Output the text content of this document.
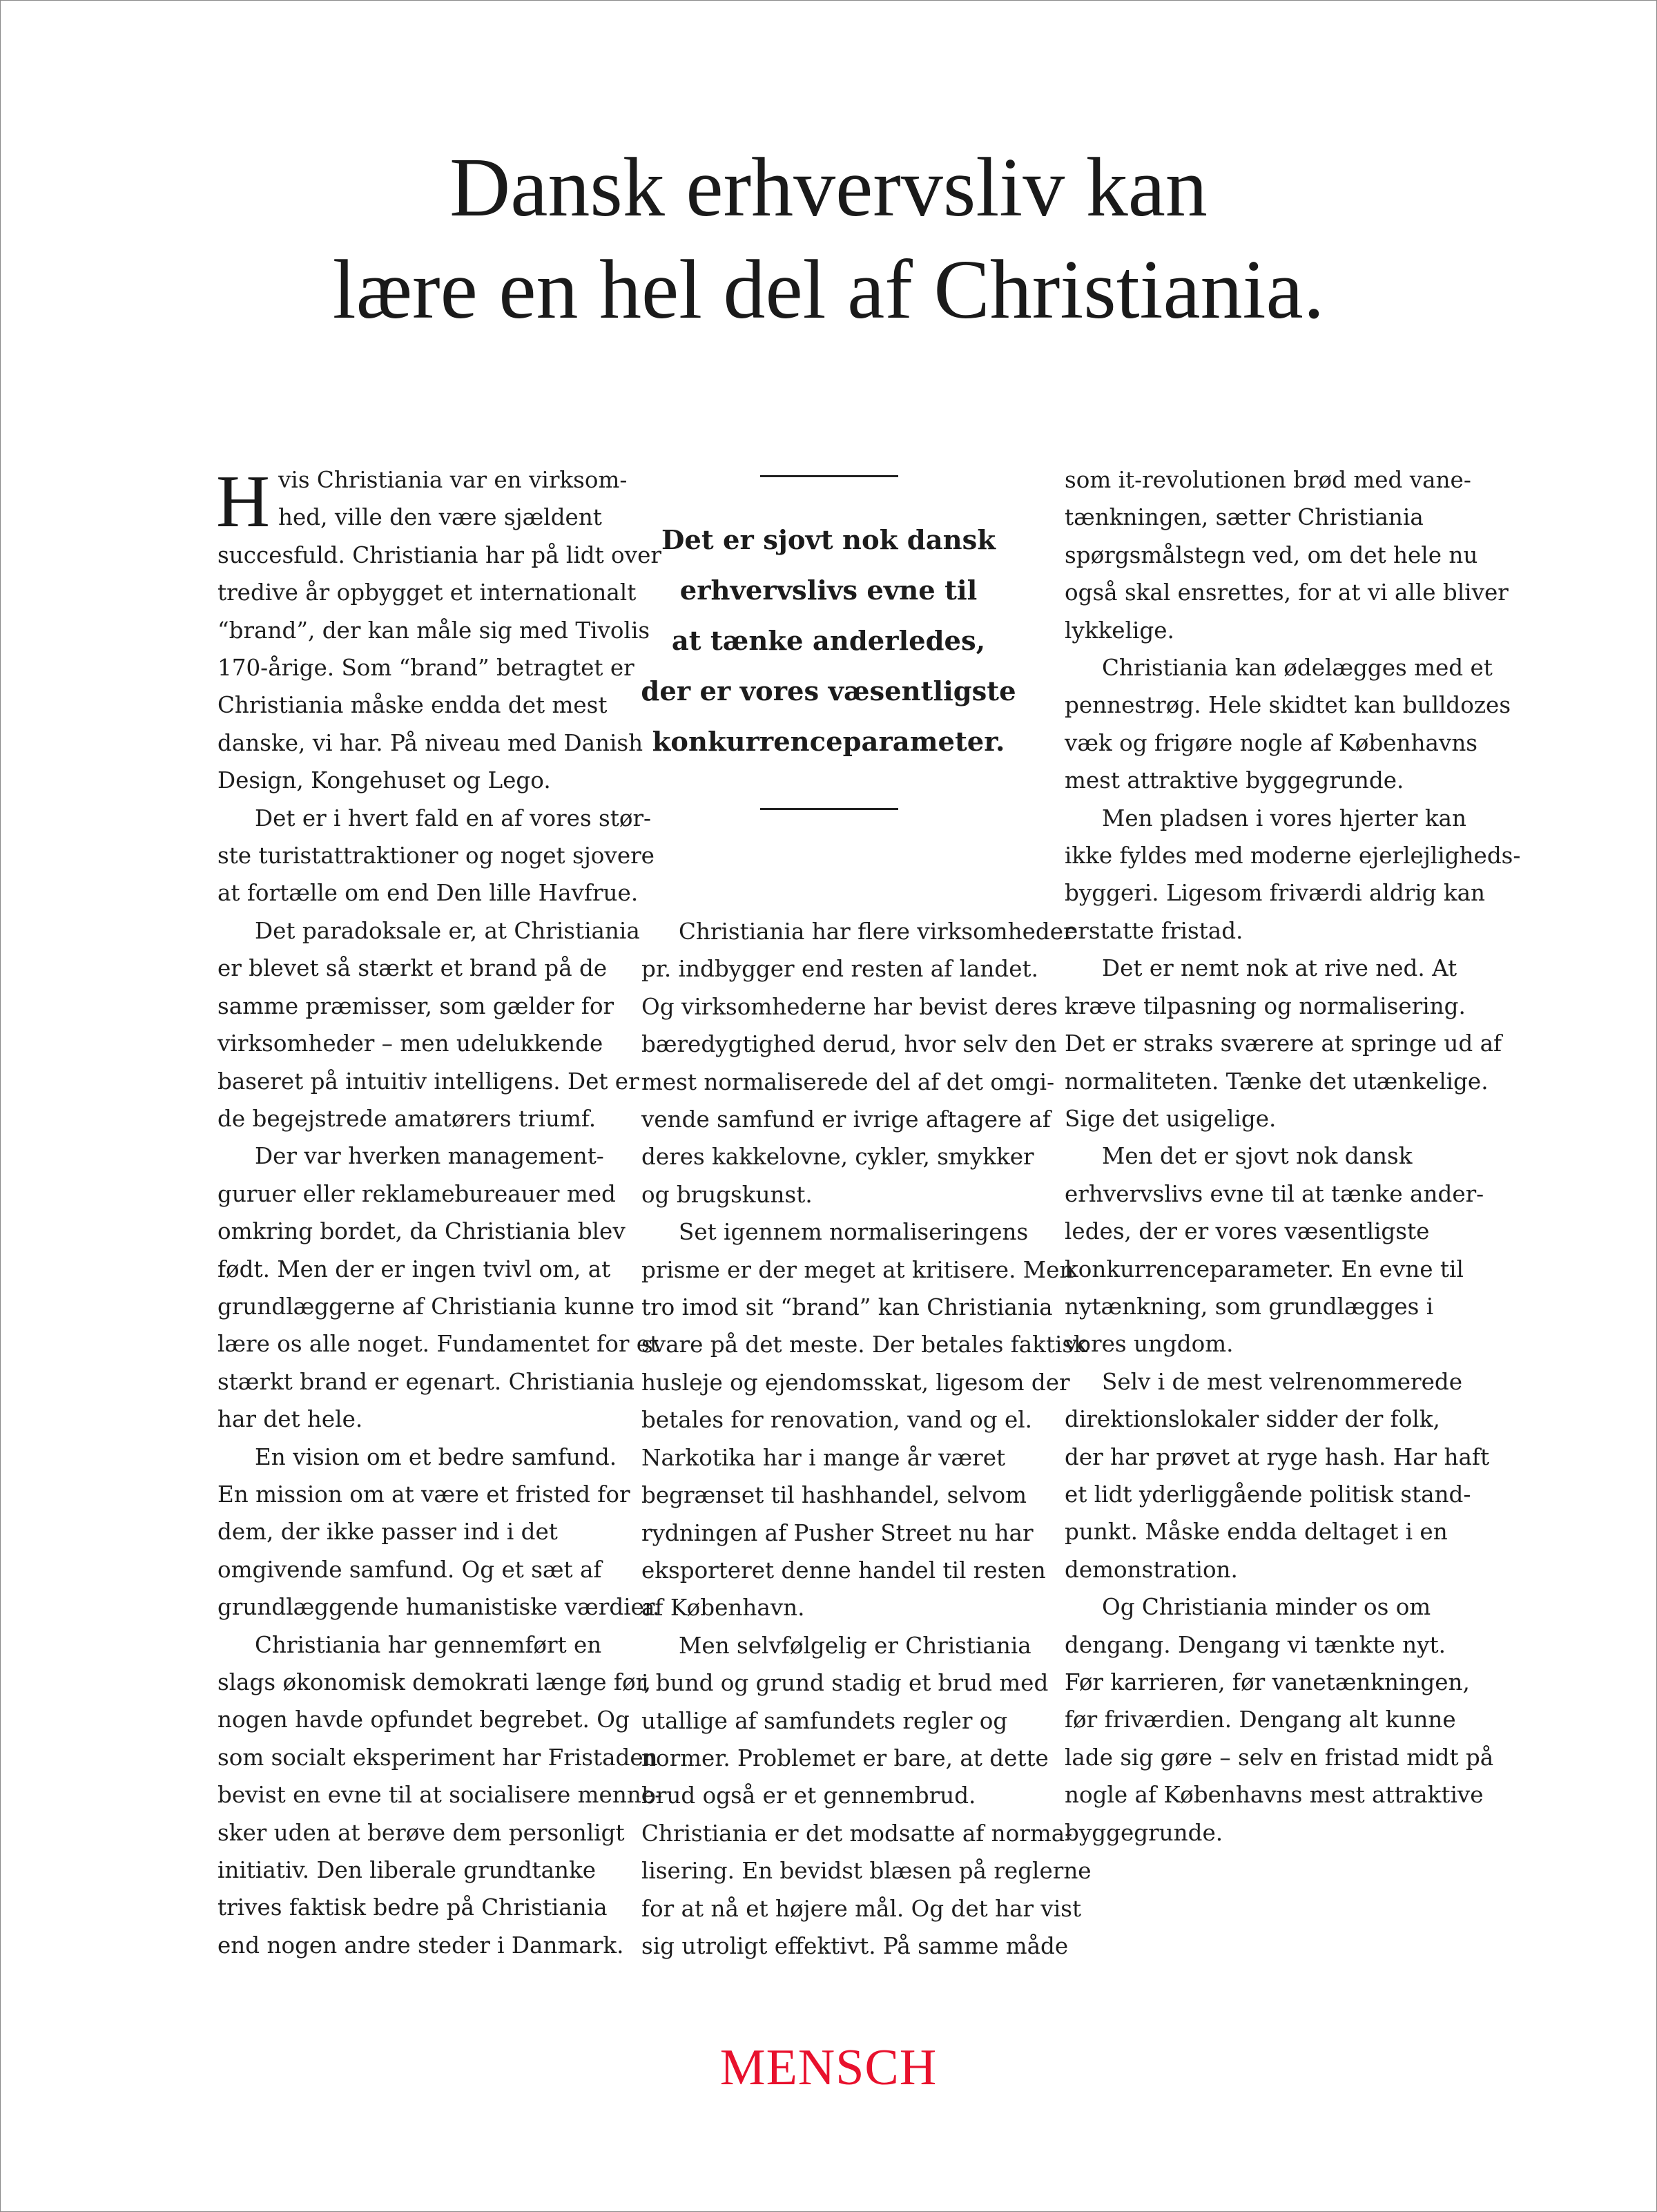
Dansk erhvervsliv kan
lære en hel del af Christiania.
H vis Christiania var en virksom-

hed, ville den være sjældent

succesfuld. Christiania har på lidt over

tredive år opbygget et internationalt

“brand”, der kan måle sig med Tivolis

170-årige. Som “brand” betragtet er

Christiania måske endda det mest

danske, vi har. På niveau med Danish

Design, Kongehuset og Lego.

Det er i hvert fald en af vores stør-

ste turistattraktioner og noget sjovere

at fortælle om end Den lille Havfrue.

Det paradoksale er, at Christiania

er blevet så stærkt et brand på de

samme præmisser, som gælder for

virksomheder – men udelukkende

baseret på intuitiv intelligens. Det er

de begejstrede amatørers triumf.

Der var hverken management-

guruer eller reklamebureauer med

omkring bordet, da Christiania blev

født. Men der er ingen tvivl om, at

grundlæggerne af Christiania kunne

lære os alle noget. Fundamentet for et

stærkt brand er egenart. Christiania

har det hele.

En vision om et bedre samfund.

En mission om at være et fristed for

dem, der ikke passer ind i det

omgivende samfund. Og et sæt af

grundlæggende humanistiske værdier.

Christiania har gennemført en

slags økonomisk demokrati længe før,

nogen havde opfundet begrebet. Og

som socialt eksperiment har Fristaden

bevist en evne til at socialisere menne-

sker uden at berøve dem personligt

initiativ. Den liberale grundtanke

trives faktisk bedre på Christiania

end nogen andre steder i Danmark.

Det er sjovt nok dansk
erhvervslivs evne til
at tænke anderledes,
der er vores væsentligste
konkurrenceparameter.

Christiania har flere virksomheder

pr. indbygger end resten af landet.

Og virksomhederne har bevist deres

bæredygtighed derud, hvor selv den

mest normaliserede del af det omgi-

vende samfund er ivrige aftagere af

deres kakkelovne, cykler, smykker

og brugskunst.

Set igennem normaliseringens

prisme er der meget at kritisere. Men

tro imod sit “brand” kan Christiania

svare på det meste. Der betales faktisk

husleje og ejendomsskat, ligesom der

betales for renovation, vand og el.

Narkotika har i mange år været

begrænset til hashhandel, selvom

rydningen af Pusher Street nu har

eksporteret denne handel til resten

af København.

Men selvfølgelig er Christiania

i bund og grund stadig et brud med

utallige af samfundets regler og

normer. Problemet er bare, at dette

brud også er et gennembrud.

Christiania er det modsatte af norma-

lisering. En bevidst blæsen på reglerne

for at nå et højere mål. Og det har vist

sig utroligt effektivt. På samme måde

som it-revolutionen brød med vane-

tænkningen, sætter Christiania

spørgsmålstegn ved, om det hele nu

også skal ensrettes, for at vi alle bliver

lykkelige.

Christiania kan ødelægges med et

pennestrøg. Hele skidtet kan bulldozes

væk og frigøre nogle af Københavns

mest attraktive byggegrunde.

Men pladsen i vores hjerter kan

ikke fyldes med moderne ejerlejligheds-

byggeri. Ligesom friværdi aldrig kan

erstatte fristad.

Det er nemt nok at rive ned. At

kræve tilpasning og normalisering.

Det er straks sværere at springe ud af

normaliteten. Tænke det utænkelige.

Sige det usigelige.

Men det er sjovt nok dansk

erhvervslivs evne til at tænke ander-

ledes, der er vores væsentligste

konkurrenceparameter. En evne til

nytænkning, som grundlægges i

vores ungdom.

Selv i de mest velrenommerede

direktionslokaler sidder der folk,

der har prøvet at ryge hash. Har haft

et lidt yderliggående politisk stand-

punkt. Måske endda deltaget i en

demonstration.

Og Christiania minder os om

dengang. Dengang vi tænkte nyt.

Før karrieren, før vanetænkningen,

før friværdien. Dengang alt kunne

lade sig gøre – selv en fristad midt på

nogle af Københavns mest attraktive

byggegrunde.

MENSCH
